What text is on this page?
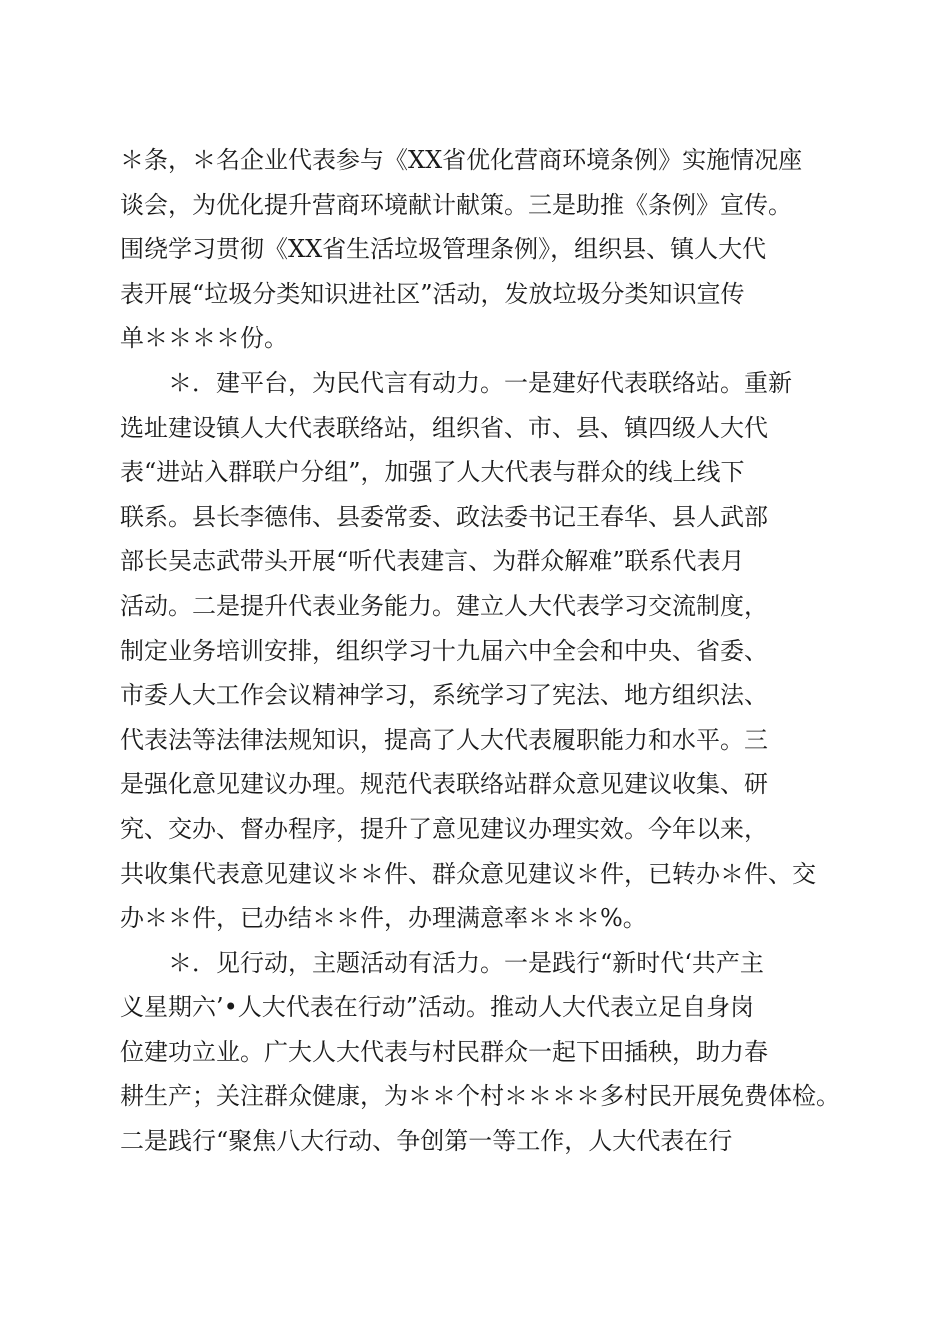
＊条，＊名企业代表参与《XX省优化营商环境条例》实施情况座
谈会，为优化提升营商环境献计献策。三是助推《条例》宣传。
围绕学习贯彻《XX省生活垃圾管理条例》，组织县、镇人大代
表开展“垃圾分类知识进社区”活动，发放垃圾分类知识宣传
单＊＊＊＊份。

＊．建平台，为民代言有动力。一是建好代表联络站。重新
选址建设镇人大代表联络站，组织省、市、县、镇四级人大代
表“进站入群联户分组”，加强了人大代表与群众的线上线下
联系。县长李德伟、县委常委、政法委书记王春华、县人武部
部长吴志武带头开展“听代表建言、为群众解难”联系代表月
活动。二是提升代表业务能力。建立人大代表学习交流制度，
制定业务培训安排，组织学习十九届六中全会和中央、省委、
市委人大工作会议精神学习，系统学习了宪法、地方组织法、
代表法等法律法规知识，提高了人大代表履职能力和水平。三
是强化意见建议办理。规范代表联络站群众意见建议收集、研
究、交办、督办程序，提升了意见建议办理实效。今年以来，
共收集代表意见建议＊＊件、群众意见建议＊件，已转办＊件、交
办＊＊件，已办结＊＊件，办理满意率＊＊＊%。

＊．见行动，主题活动有活力。一是践行“新时代‘共产主
义星期六’•人大代表在行动”活动。推动人大代表立足自身岗
位建功立业。广大人大代表与村民群众一起下田插秧，助力春
耕生产；关注群众健康，为＊＊个村＊＊＊＊多村民开展免费体检。
二是践行“聚焦八大行动、争创第一等工作，人大代表在行
